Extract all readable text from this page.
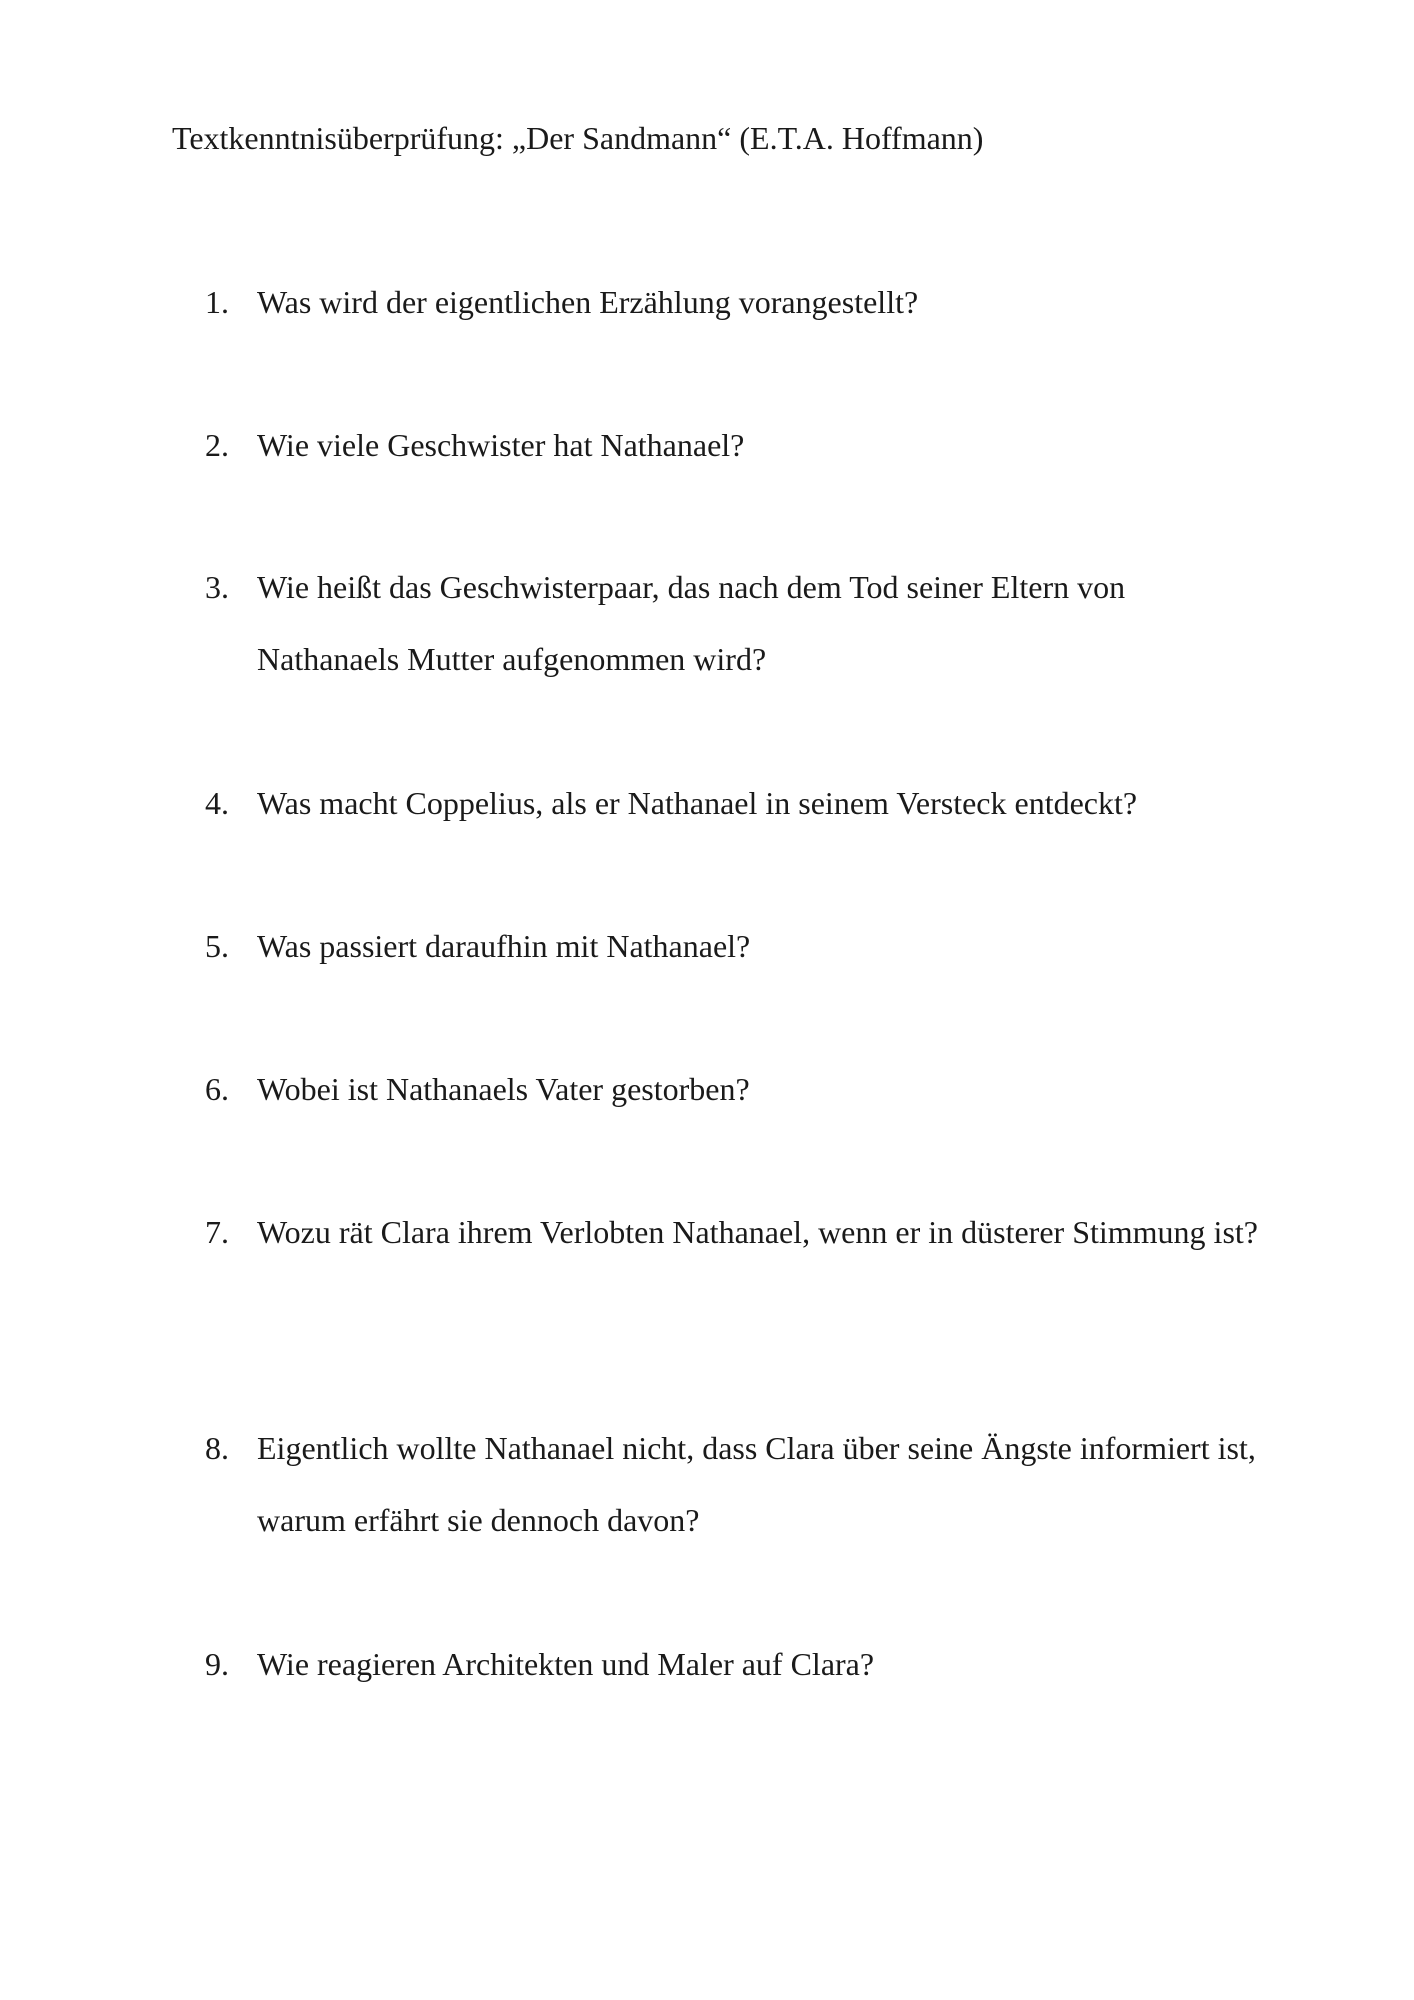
Textkenntnisüberprüfung: „Der Sandmann“ (E.T.A. Hoffmann)
1. Was wird der eigentlichen Erzählung vorangestellt?
2. Wie viele Geschwister hat Nathanael?
3. Wie heißt das Geschwisterpaar, das nach dem Tod seiner Eltern von Nathanaels Mutter aufgenommen wird?
4. Was macht Coppelius, als er Nathanael in seinem Versteck entdeckt?
5. Was passiert daraufhin mit Nathanael?
6. Wobei ist Nathanaels Vater gestorben?
7. Wozu rät Clara ihrem Verlobten Nathanael, wenn er in düsterer Stimmung ist?
8. Eigentlich wollte Nathanael nicht, dass Clara über seine Ängste informiert ist, warum erfährt sie dennoch davon?
9. Wie reagieren Architekten und Maler auf Clara?
